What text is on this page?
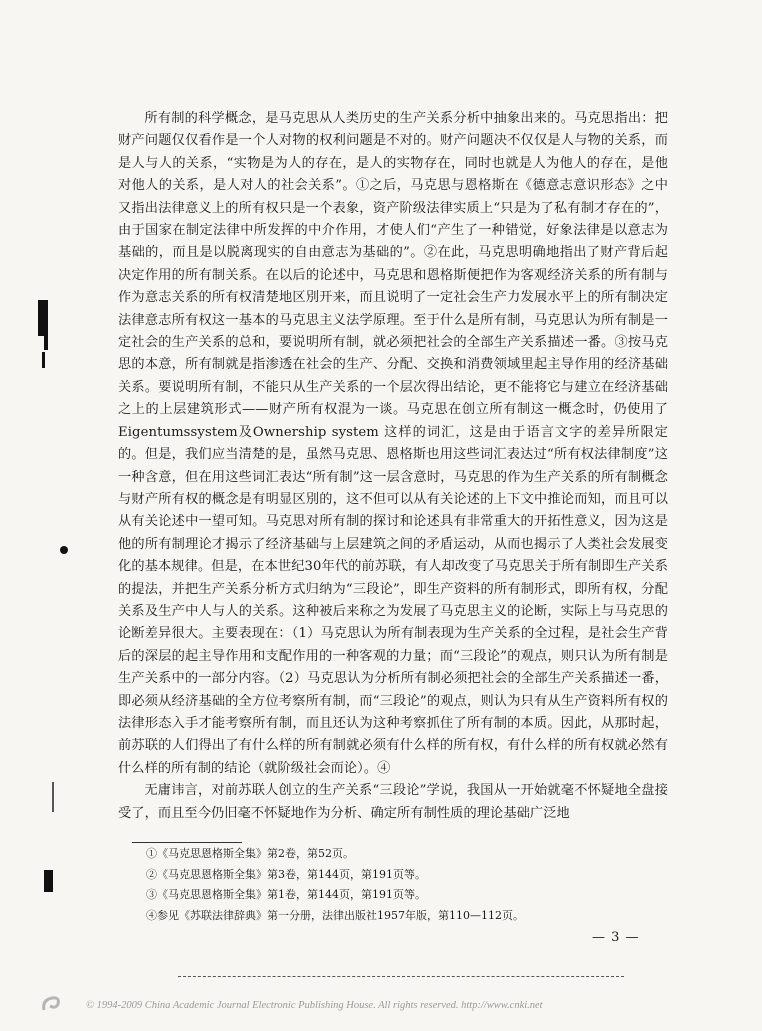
所有制的科学概念，是马克思从人类历史的生产关系分析中抽象出来的。马克思指出：把财产问题仅仅看作是一个人对物的权利问题是不对的。财产问题决不仅仅是人与物的关系，而是人与人的关系，“实物是为人的存在，是人的实物存在，同时也就是人为他人的存在，是他对他人的关系，是人对人的社会关系”。①之后，马克思与恩格斯在《德意志意识形态》之中又指出法律意义上的所有权只是一个表象，资产阶级法律实质上“只是为了私有制才存在的”，由于国家在制定法律中所发挥的中介作用，才使人们“产生了一种错觉，好象法律是以意志为基础的，而且是以脱离现实的自由意志为基础的”。②在此，马克思明确地指出了财产背后起决定作用的所有制关系。在以后的论述中，马克思和恩格斯便把作为客观经济关系的所有制与作为意志关系的所有权清楚地区別开来，而且说明了一定社会生产力发展水平上的所有制决定法律意志所有权这一基本的马克思主义法学原理。至于什么是所有制，马克思认为所有制是一定社会的生产关系的总和，要说明所有制，就必须把社会的全部生产关系描述一番。③按马克思的本意，所有制就是指渗透在社会的生产、分配、交换和消费领域里起主导作用的经济基础关系。要说明所有制，不能只从生产关系的一个层次得出结论，更不能将它与建立在经济基础之上的上层建筑形式——财产所有权混为一谈。马克思在创立所有制这一概念时，仍使用了Eigentumssystem及Ownership system 这样的词汇，这是由于语言文字的差异所限定的。但是，我们应当清楚的是，虽然马克思、恩格斯也用这些词汇表达过“所有权法律制度”这一种含意，但在用这些词汇表达“所有制”这一层含意时，马克思的作为生产关系的所有制概念与财产所有权的概念是有明显区別的，这不但可以从有关论述的上下文中推论而知，而且可以从有关论述中一望可知。马克思对所有制的探讨和论述具有非常重大的开拓性意义，因为这是他的所有制理论才揭示了经济基础与上层建筑之间的矛盾运动，从而也揭示了人类社会发展变化的基本规律。但是，在本世纪30年代的前苏联，有人却改变了马克思关于所有制即生产关系的提法，并把生产关系分析方式归纳为“三段论”，即生产资料的所有制形式，即所有权，分配关系及生产中人与人的关系。这种被后来称之为发展了马克思主义的论断，实际上与马克思的论断差异很大。主要表现在：（1）马克思认为所有制表现为生产关系的全过程，是社会生产背后的深层的起主导作用和支配作用的一种客观的力量；而“三段论”的观点，则只认为所有制是生产关系中的一部分内容。（2）马克思认为分析所有制必须把社会的全部生产关系描述一番，即必须从经济基础的全方位考察所有制，而“三段论”的观点，则认为只有从生产资料所有权的法律形态入手才能考察所有制，而且还认为这种考察抓住了所有制的本质。因此，从那时起，前苏联的人们得出了有什么样的所有制就必须有什么样的所有权，有什么样的所有权就必然有什么样的所有制的结论（就阶级社会而论）。④

无庸讳言，对前苏联人创立的生产关系“三段论”学说，我国从一开始就毫不怀疑地全盘接受了，而且至今仍旧毫不怀疑地作为分析、确定所有制性质的理论基础广泛地

①《马克思恩格斯全集》第2卷，第52页。
②《马克思恩格斯全集》第3卷，第144页，第191页等。
③《马克思恩格斯全集》第1卷，第144页，第191页等。
④参见《苏联法律辞典》第一分册，法律出版社1957年版，第110—112页。
— 3 —
© 1994-2009 China Academic Journal Electronic Publishing House. All rights reserved. http://www.cnki.net
